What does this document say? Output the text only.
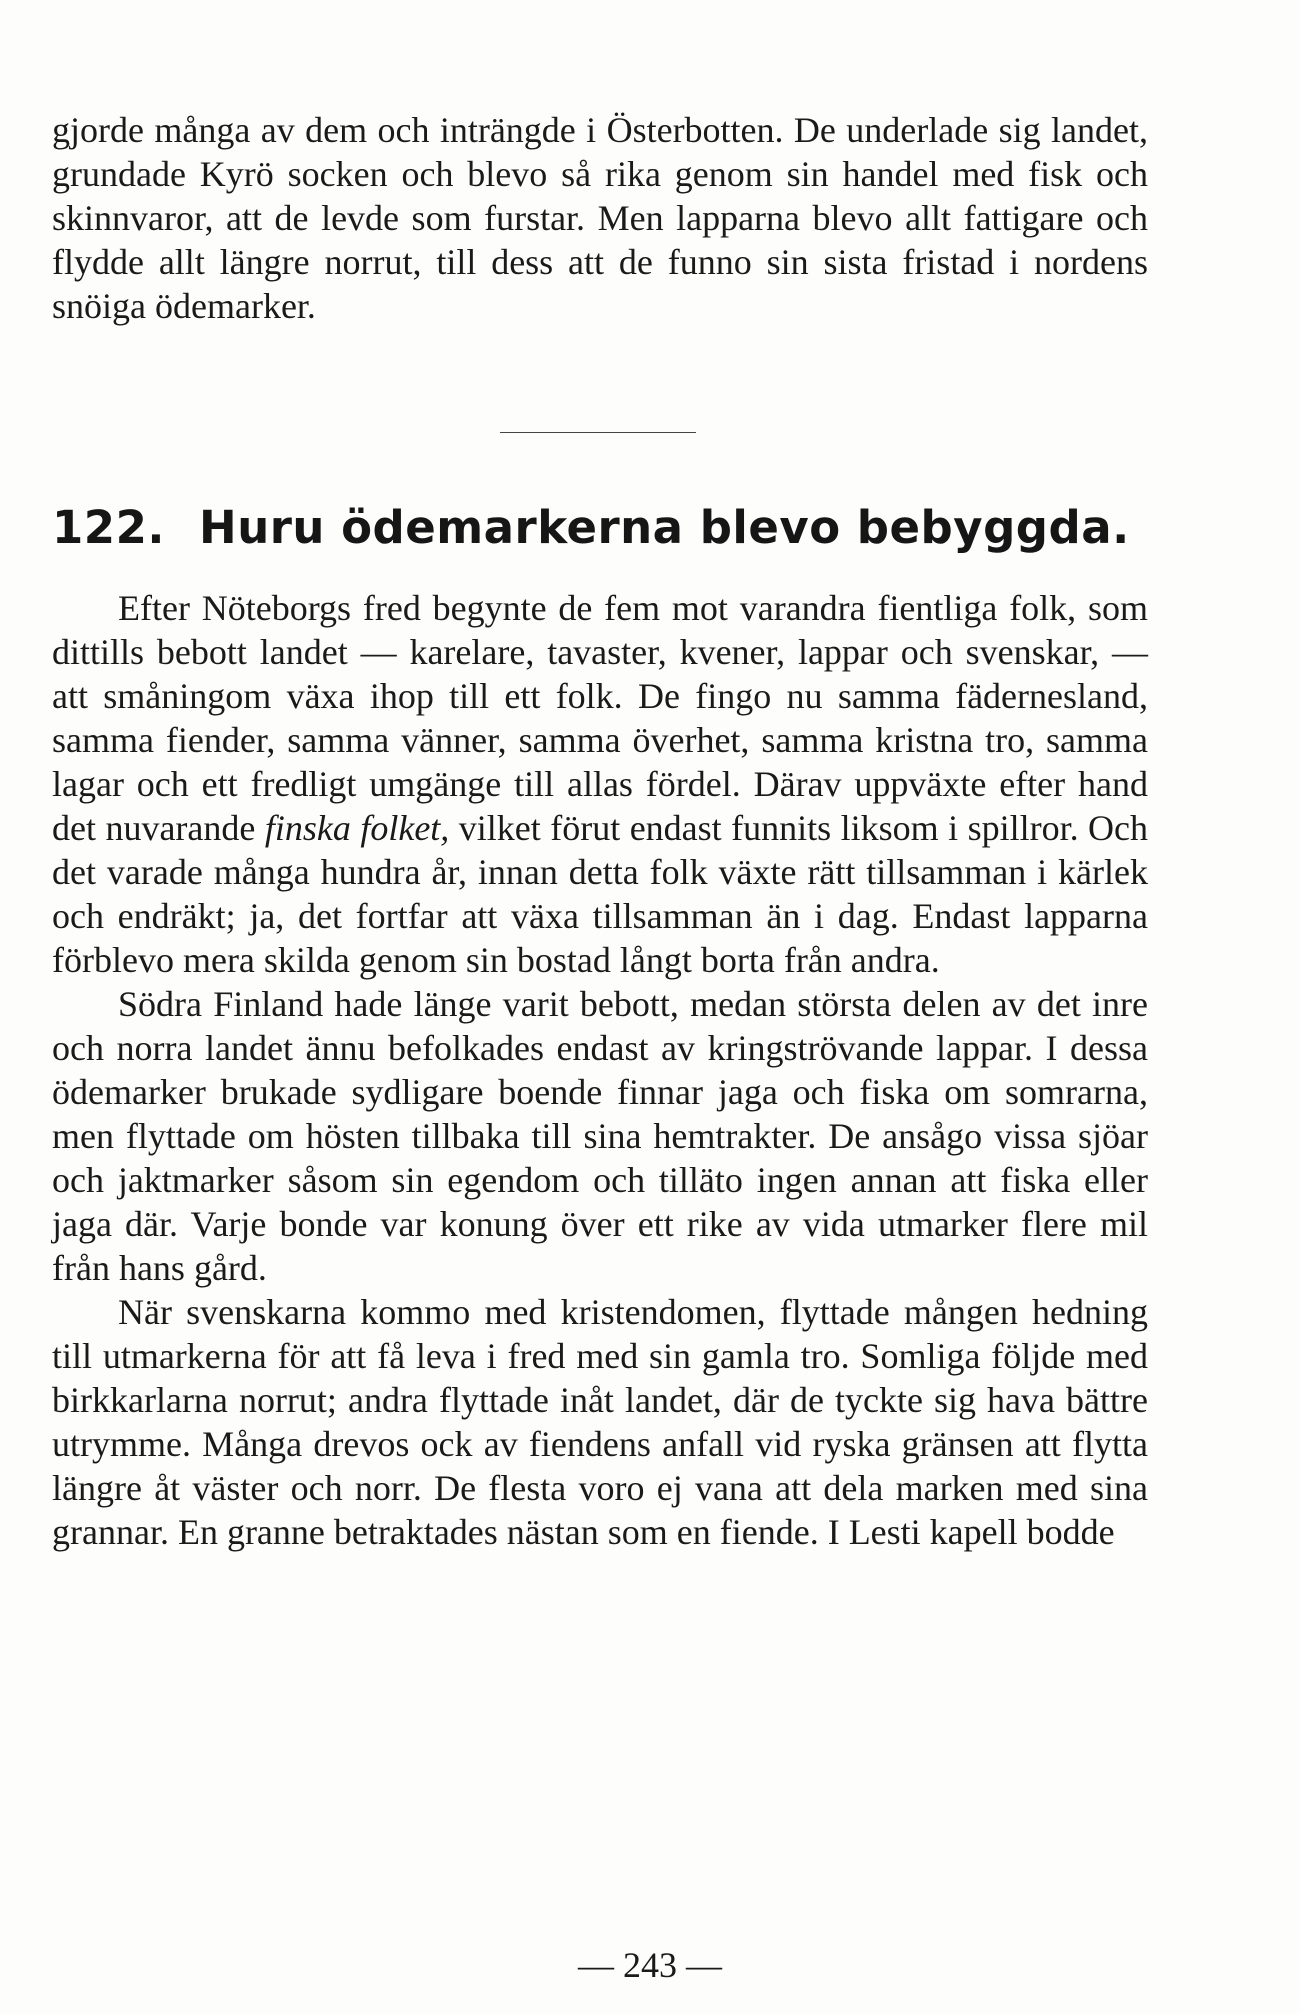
gjorde många av dem och inträngde i Österbotten. De underlade sig landet, grundade Kyrö socken och blevo så rika genom sin handel med fisk och skinnvaror, att de levde som furstar. Men lapparna blevo allt fattigare och flydde allt längre norrut, till dess att de funno sin sista fristad i nordens snöiga ödemarker.

122. Huru ödemarkerna blevo bebyggda.

Efter Nöteborgs fred begynte de fem mot varandra fientliga folk, som dittills bebott landet — karelare, tavaster, kvener, lappar och svenskar, — att småningom växa ihop till ett folk. De fingo nu samma fädernesland, samma fiender, samma vänner, samma överhet, samma kristna tro, samma lagar och ett fredligt umgänge till allas fördel. Därav uppväxte efter hand det nuvarande finska folket, vilket förut endast funnits liksom i spillror. Och det varade många hundra år, innan detta folk växte rätt tillsamman i kärlek och endräkt; ja, det fortfar att växa tillsamman än i dag. Endast lapparna förblevo mera skilda genom sin bostad långt borta från andra.

Södra Finland hade länge varit bebott, medan största delen av det inre och norra landet ännu befolkades endast av kringströvande lappar. I dessa ödemarker brukade sydligare boende finnar jaga och fiska om somrarna, men flyttade om hösten tillbaka till sina hemtrakter. De ansågo vissa sjöar och jaktmarker såsom sin egendom och tilläto ingen annan att fiska eller jaga där. Varje bonde var konung över ett rike av vida utmarker flere mil från hans gård.

När svenskarna kommo med kristendomen, flyttade mången hedning till utmarkerna för att få leva i fred med sin gamla tro. Somliga följde med birkkarlarna norrut; andra flyttade inåt landet, där de tyckte sig hava bättre utrymme. Många drevos ock av fiendens anfall vid ryska gränsen att flytta längre åt väster och norr. De flesta voro ej vana att dela marken med sina grannar. En granne betraktades nästan som en fiende. I Lesti kapell bodde

— 243 —
